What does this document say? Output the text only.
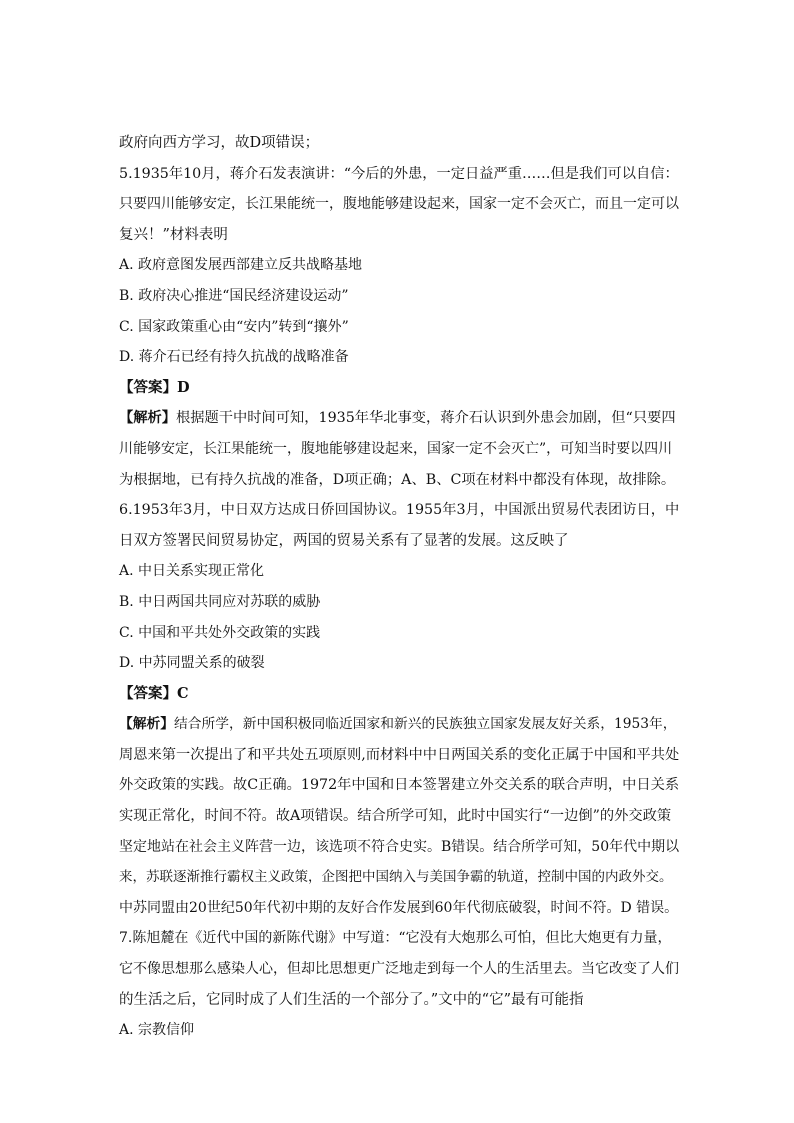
政府向西方学习，故D项错误；
5.1935年10月，蒋介石发表演讲：“今后的外患，一定日益严重……但是我们可以自信：
只要四川能够安定，长江果能统一，腹地能够建设起来，国家一定不会灭亡，而且一定可以
复兴！”材料表明
A. 政府意图发展西部建立反共战略基地
B. 政府决心推进“国民经济建设运动”
C. 国家政策重心由“安内”转到“攘外”
D. 蒋介石已经有持久抗战的战略准备
【答案】D
【解析】根据题干中时间可知，1935年华北事变，蒋介石认识到外患会加剧，但“只要四
川能够安定，长江果能统一，腹地能够建设起来，国家一定不会灭亡”，可知当时要以四川
为根据地，已有持久抗战的准备，D项正确；A、B、C项在材料中都没有体现，故排除。
6.1953年3月，中日双方达成日侨回国协议。1955年3月，中国派出贸易代表团访日，中
日双方签署民间贸易协定，两国的贸易关系有了显著的发展。这反映了
A. 中日关系实现正常化
B. 中日两国共同应对苏联的威胁
C. 中国和平共处外交政策的实践
D. 中苏同盟关系的破裂
【答案】C
【解析】结合所学，新中国积极同临近国家和新兴的民族独立国家发展友好关系，1953年，
周恩来第一次提出了和平共处五项原则,而材料中中日两国关系的变化正属于中国和平共处
外交政策的实践。故C正确。1972年中国和日本签署建立外交关系的联合声明，中日关系
实现正常化，时间不符。故A项错误。结合所学可知，此时中国实行“一边倒”的外交政策
坚定地站在社会主义阵营一边，该选项不符合史实。B错误。结合所学可知，50年代中期以
来，苏联逐渐推行霸权主义政策，企图把中国纳入与美国争霸的轨道，控制中国的内政外交。
中苏同盟由20世纪50年代初中期的友好合作发展到60年代彻底破裂，时间不符。D 错误。
7.陈旭麓在《近代中国的新陈代谢》中写道：“它没有大炮那么可怕，但比大炮更有力量，
它不像思想那么感染人心，但却比思想更广泛地走到每一个人的生活里去。当它改变了人们
的生活之后，它同时成了人们生活的一个部分了。”文中的“它”最有可能指
A. 宗教信仰
